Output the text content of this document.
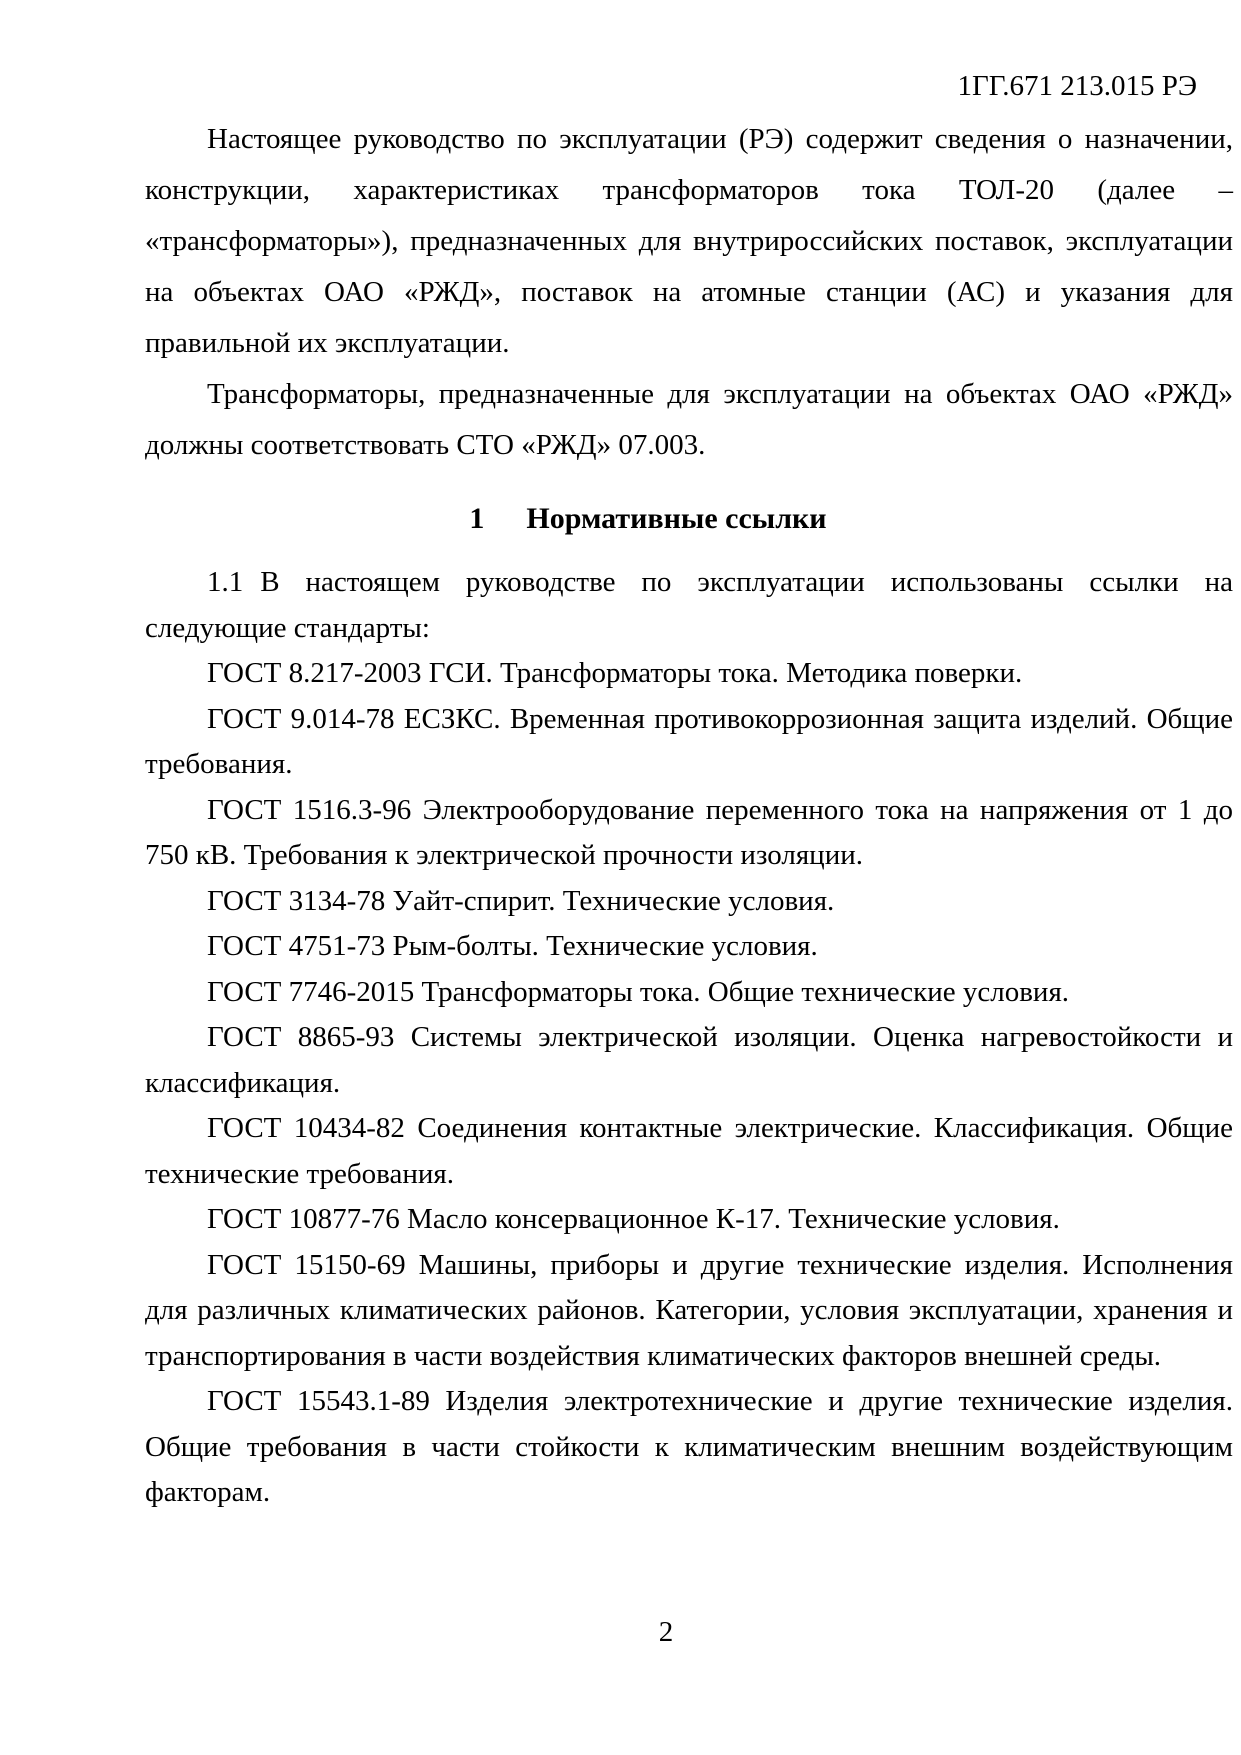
1ГГ.671 213.015 РЭ

Настоящее руководство по эксплуатации (РЭ) содержит сведения о назначении, конструкции, характеристиках трансформаторов тока ТОЛ-20 (далее – «трансформаторы»), предназначенных для внутрироссийских поставок, эксплуатации на объектах ОАО «РЖД», поставок на атомные станции (АС) и указания для правильной их эксплуатации.

Трансформаторы, предназначенные для эксплуатации на объектах ОАО «РЖД» должны соответствовать СТО «РЖД» 07.003.

1 Нормативные ссылки

1.1 В настоящем руководстве по эксплуатации использованы ссылки на следующие стандарты:

ГОСТ 8.217-2003 ГСИ. Трансформаторы тока. Методика поверки.

ГОСТ 9.014-78 ЕСЗКС. Временная противокоррозионная защита изделий. Общие требования.

ГОСТ 1516.3-96 Электрооборудование переменного тока на напряжения от 1 до 750 кВ. Требования к электрической прочности изоляции.

ГОСТ 3134-78 Уайт-спирит. Технические условия.

ГОСТ 4751-73 Рым-болты. Технические условия.

ГОСТ 7746-2015 Трансформаторы тока. Общие технические условия.

ГОСТ 8865-93 Системы электрической изоляции. Оценка нагревостойкости и классификация.

ГОСТ 10434-82 Соединения контактные электрические. Классификация. Общие технические требования.

ГОСТ 10877-76 Масло консервационное К-17. Технические условия.

ГОСТ 15150-69 Машины, приборы и другие технические изделия. Исполнения для различных климатических районов. Категории, условия эксплуатации, хранения и транспортирования в части воздействия климатических факторов внешней среды.

ГОСТ 15543.1-89 Изделия электротехнические и другие технические изделия. Общие требования в части стойкости к климатическим внешним воздействующим факторам.

2
